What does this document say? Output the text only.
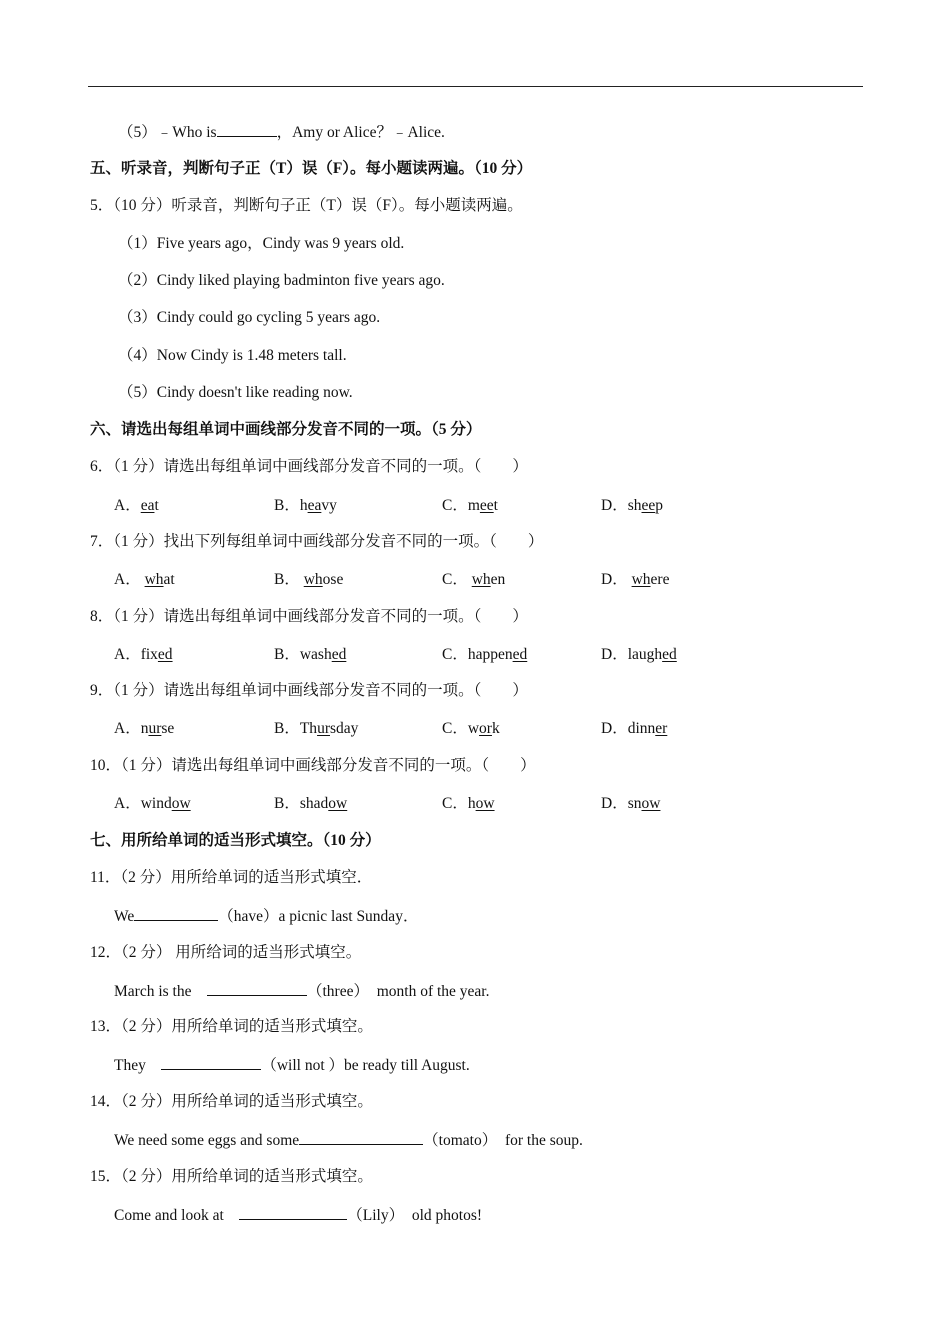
（5）﹣Who is	，Amy or Alice？﹣Alice.
五、听录音，判断句子正（T）误（F）。每小题读两遍。（10 分）
5．（10 分）听录音，判断句子正（T）误（F）。每小题读两遍。
（1）Five years ago，Cindy was 9 years old.
（2）Cindy liked playing badminton five years ago.
（3）Cindy could go cycling 5 years ago.
（4）Now Cindy is 1.48 meters tall.
（5）Cindy doesn't like reading now.
六、请选出每组单词中画线部分发音不同的一项。（5 分）
6．（1 分）请选出每组单词中画线部分发音不同的一项。（　　）
A．eat	B．heavy	C．meet	D．sheep
7．（1 分）找出下列每组单词中画线部分发音不同的一项。（　　）
A． what	B． whose	C． when	D． where
8．（1 分）请选出每组单词中画线部分发音不同的一项。（　　）
A．fixed	B．washed	C．happened	D．laughed
9．（1 分）请选出每组单词中画线部分发音不同的一项。（　　）
A．nurse	B．Thursday	C．work	D．dinner
10．（1 分）请选出每组单词中画线部分发音不同的一项。（　　）
A．window	B．shadow	C．how	D．snow
七、用所给单词的适当形式填空。（10 分）
11．（2 分）用所给单词的适当形式填空．
We	（have）a picnic last Sunday．
12．（2 分） 用所给词的适当形式填空。
March is the　	（three）　month of the year.
13．（2 分）用所给单词的适当形式填空。
They　	（will not ）be ready till August.
14．（2 分）用所给单词的适当形式填空。
We need some eggs and some	（tomato）　for the soup.
15．（2 分）用所给单词的适当形式填空。
Come and look at　	（Lily）　old photos!
